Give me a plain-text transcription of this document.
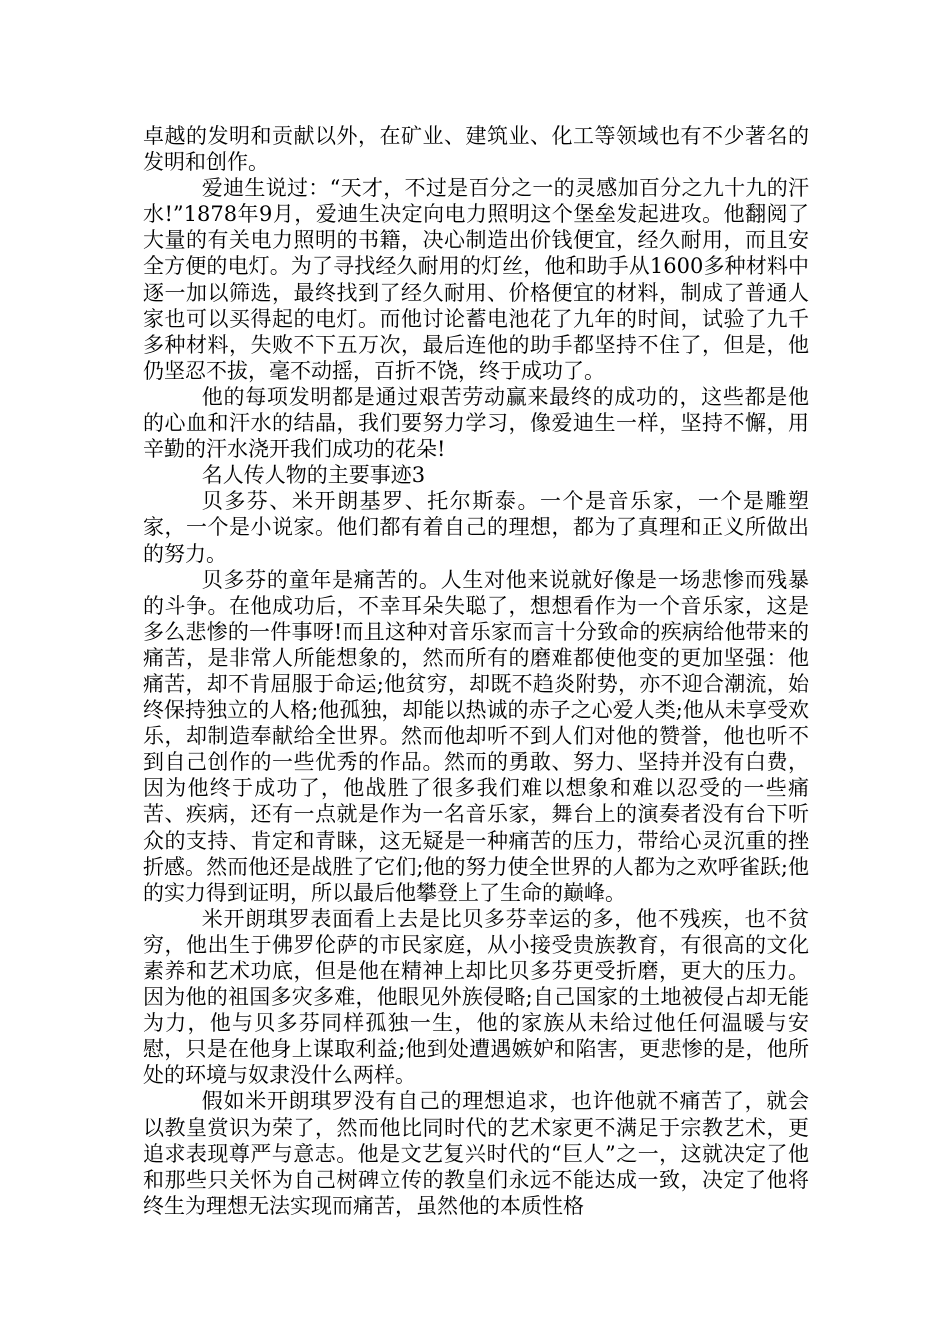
卓越的发明和贡献以外，在矿业、建筑业、化工等领域也有不少著名的发明和创作。

爱迪生说过：“天才，不过是百分之一的灵感加百分之九十九的汗水!”1878年9月，爱迪生决定向电力照明这个堡垒发起进攻。他翻阅了大量的有关电力照明的书籍，决心制造出价钱便宜，经久耐用，而且安全方便的电灯。为了寻找经久耐用的灯丝，他和助手从1600多种材料中逐一加以筛选，最终找到了经久耐用、价格便宜的材料，制成了普通人家也可以买得起的电灯。而他讨论蓄电池花了九年的时间，试验了九千多种材料，失败不下五万次，最后连他的助手都坚持不住了，但是，他仍坚忍不拔，毫不动摇，百折不饶，终于成功了。

他的每项发明都是通过艰苦劳动赢来最终的成功的，这些都是他的心血和汗水的结晶，我们要努力学习，像爱迪生一样，坚持不懈，用辛勤的汗水浇开我们成功的花朵!

名人传人物的主要事迹3

贝多芬、米开朗基罗、托尔斯泰。一个是音乐家，一个是雕塑家，一个是小说家。他们都有着自己的理想，都为了真理和正义所做出的努力。

贝多芬的童年是痛苦的。人生对他来说就好像是一场悲惨而残暴的斗争。在他成功后，不幸耳朵失聪了，想想看作为一个音乐家，这是多么悲惨的一件事呀!而且这种对音乐家而言十分致命的疾病给他带来的痛苦，是非常人所能想象的，然而所有的磨难都使他变的更加坚强：他痛苦，却不肯屈服于命运;他贫穷，却既不趋炎附势，亦不迎合潮流，始终保持独立的人格;他孤独，却能以热诚的赤子之心爱人类;他从未享受欢乐，却制造奉献给全世界。然而他却听不到人们对他的赞誉，他也听不到自己创作的一些优秀的作品。然而的勇敢、努力、坚持并没有白费，因为他终于成功了，他战胜了很多我们难以想象和难以忍受的一些痛苦、疾病，还有一点就是作为一名音乐家，舞台上的演奏者没有台下听众的支持、肯定和青睐，这无疑是一种痛苦的压力，带给心灵沉重的挫折感。然而他还是战胜了它们;他的努力使全世界的人都为之欢呼雀跃;他的实力得到证明，所以最后他攀登上了生命的巅峰。

米开朗琪罗表面看上去是比贝多芬幸运的多，他不残疾，也不贫穷，他出生于佛罗伦萨的市民家庭，从小接受贵族教育，有很高的文化素养和艺术功底，但是他在精神上却比贝多芬更受折磨，更大的压力。因为他的祖国多灾多难，他眼见外族侵略;自己国家的土地被侵占却无能为力，他与贝多芬同样孤独一生，他的家族从未给过他任何温暖与安慰，只是在他身上谋取利益;他到处遭遇嫉妒和陷害，更悲惨的是，他所处的环境与奴隶没什么两样。

假如米开朗琪罗没有自己的理想追求，也许他就不痛苦了，就会以教皇赏识为荣了，然而他比同时代的艺术家更不满足于宗教艺术，更追求表现尊严与意志。他是文艺复兴时代的“巨人”之一，这就决定了他和那些只关怀为自己树碑立传的教皇们永远不能达成一致，决定了他将终生为理想无法实现而痛苦，虽然他的本质性格
